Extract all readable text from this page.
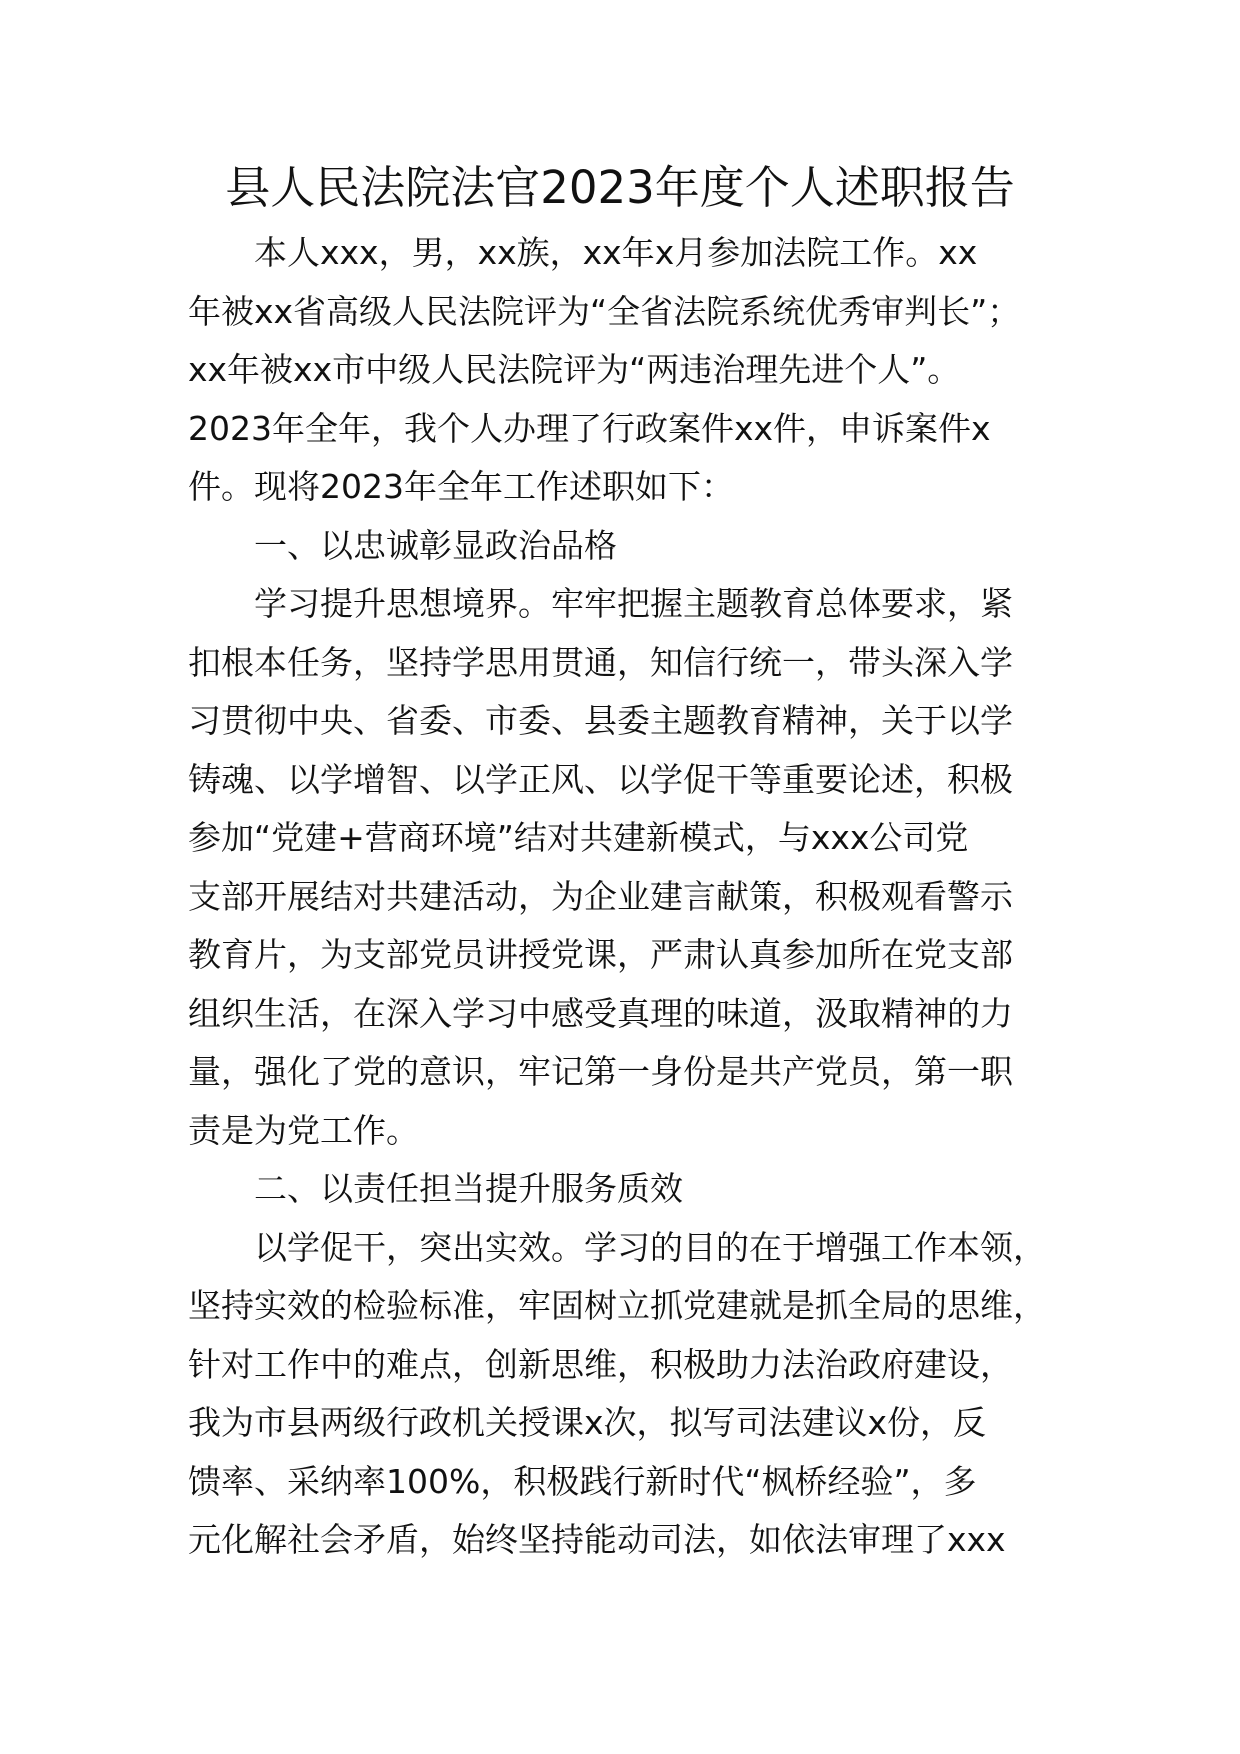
县人民法院法官2023年度个人述职报告

本人xxx，男，xx族，xx年x月参加法院工作。xx

年被xx省高级人民法院评为“全省法院系统优秀审判长”；

xx年被xx市中级人民法院评为“两违治理先进个人”。

2023年全年，我个人办理了行政案件xx件，申诉案件x

件。现将2023年全年工作述职如下：

一、以忠诚彰显政治品格

学习提升思想境界。牢牢把握主题教育总体要求，紧

扣根本任务，坚持学思用贯通，知信行统一，带头深入学

习贯彻中央、省委、市委、县委主题教育精神，关于以学

铸魂、以学增智、以学正风、以学促干等重要论述，积极

参加“党建+营商环境”结对共建新模式，与xxx公司党

支部开展结对共建活动，为企业建言献策，积极观看警示

教育片，为支部党员讲授党课，严肃认真参加所在党支部

组织生活，在深入学习中感受真理的味道，汲取精神的力

量，强化了党的意识，牢记第一身份是共产党员，第一职

责是为党工作。

二、以责任担当提升服务质效

以学促干，突出实效。学习的目的在于增强工作本领，

坚持实效的检验标准，牢固树立抓党建就是抓全局的思维，

针对工作中的难点，创新思维，积极助力法治政府建设，

我为市县两级行政机关授课x次，拟写司法建议x份，反

馈率、采纳率100%，积极践行新时代“枫桥经验”，多

元化解社会矛盾，始终坚持能动司法，如依法审理了xxx
